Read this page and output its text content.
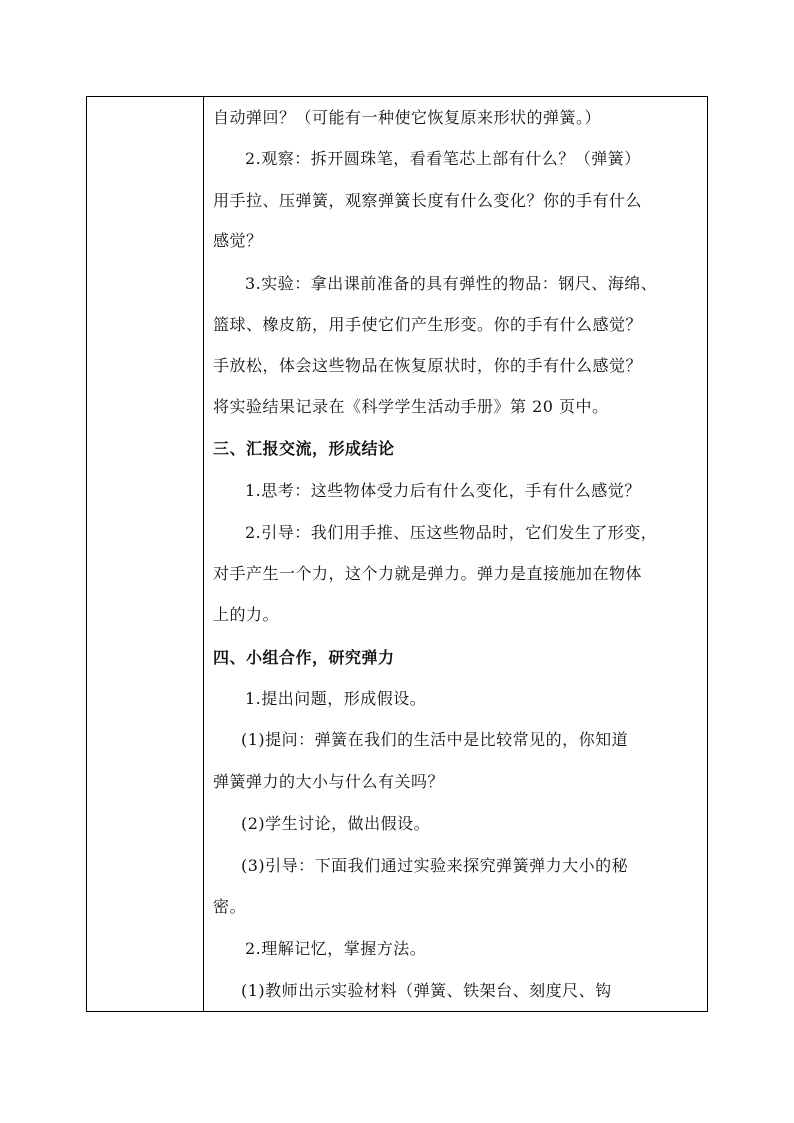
自动弹回？（可能有一种使它恢复原来形状的弹簧。）
2.观察：拆开圆珠笔，看看笔芯上部有什么？（弹簧）
用手拉、压弹簧，观察弹簧长度有什么变化？你的手有什么
感觉？
3.实验：拿出课前准备的具有弹性的物品：钢尺、海绵、
篮球、橡皮筋，用手使它们产生形变。你的手有什么感觉？
手放松，体会这些物品在恢复原状时，你的手有什么感觉？
将实验结果记录在《科学学生活动手册》第 20 页中。
三、汇报交流，形成结论
1.思考：这些物体受力后有什么变化，手有什么感觉？
2.引导：我们用手推、压这些物品时，它们发生了形变，
对手产生一个力，这个力就是弹力。弹力是直接施加在物体
上的力。
四、小组合作，研究弹力
1.提出问题，形成假设。
(1)提问：弹簧在我们的生活中是比较常见的，你知道
弹簧弹力的大小与什么有关吗？
(2)学生讨论，做出假设。
(3)引导：下面我们通过实验来探究弹簧弹力大小的秘
密。
2.理解记忆，掌握方法。
(1)教师出示实验材料（弹簧、铁架台、刻度尺、钩
